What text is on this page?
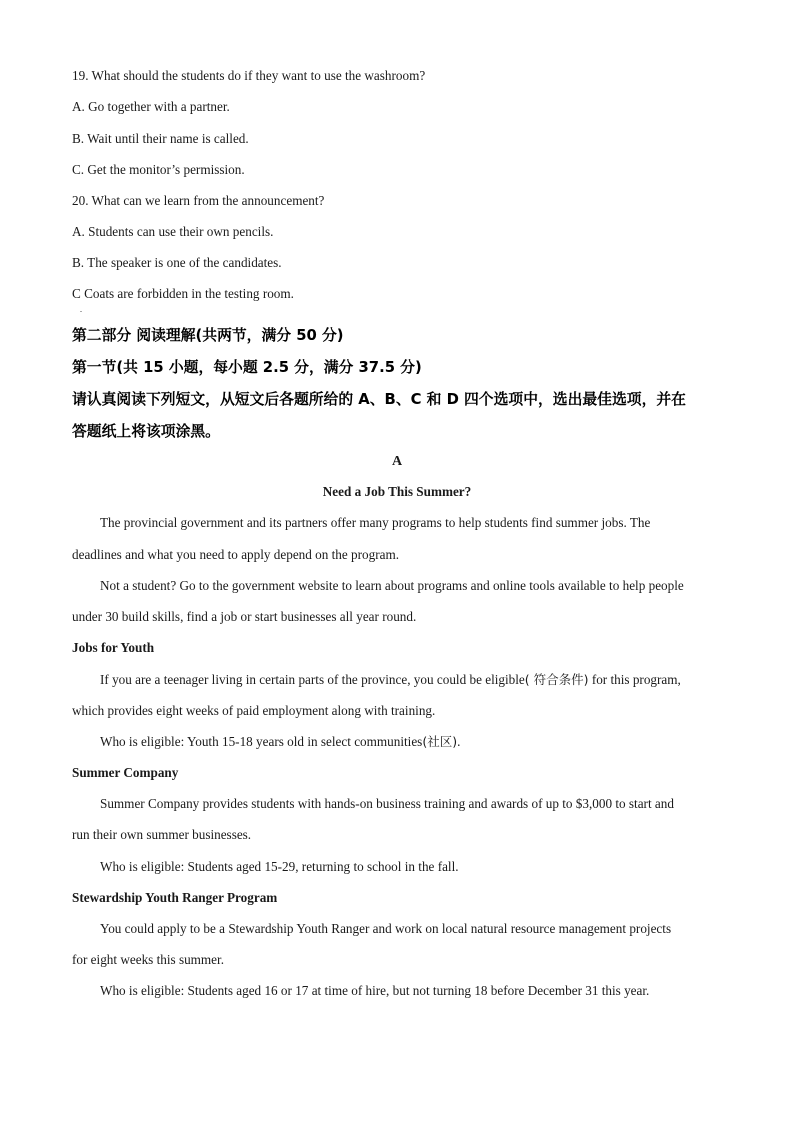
19. What should the students do if they want to use the washroom?
A. Go together with a partner.
B. Wait until their name is called.
C. Get the monitor’s permission.
20. What can we learn from the announcement?
A. Students can use their own pencils.
B. The speaker is one of the candidates.
C Coats are forbidden in the testing room.
.
第二部分 阅读理解(共两节，满分 50 分)
第一节(共 15 小题，每小题 2.5 分，满分 37.5 分)
请认真阅读下列短文，从短文后各题所给的 A、B、C 和 D 四个选项中，选出最佳选项，并在
答题纸上将该项涂黑。
A
Need a Job This Summer?
The provincial government and its partners offer many programs to help students find summer jobs. The
deadlines and what you need to apply depend on the program.
Not a student? Go to the government website to learn about programs and online tools available to help people
under 30 build skills, find a job or start businesses all year round.
Jobs for Youth
If you are a teenager living in certain parts of the province, you could be eligible( 符合条件) for this program,
which provides eight weeks of paid employment along with training.
Who is eligible: Youth 15-18 years old in select communities(社区).
Summer Company
Summer Company provides students with hands-on business training and awards of up to $3,000 to start and
run their own summer businesses.
Who is eligible: Students aged 15-29, returning to school in the fall.
Stewardship Youth Ranger Program
You could apply to be a Stewardship Youth Ranger and work on local natural resource management projects
for eight weeks this summer.
Who is eligible: Students aged 16 or 17 at time of hire, but not turning 18 before December 31 this year.
